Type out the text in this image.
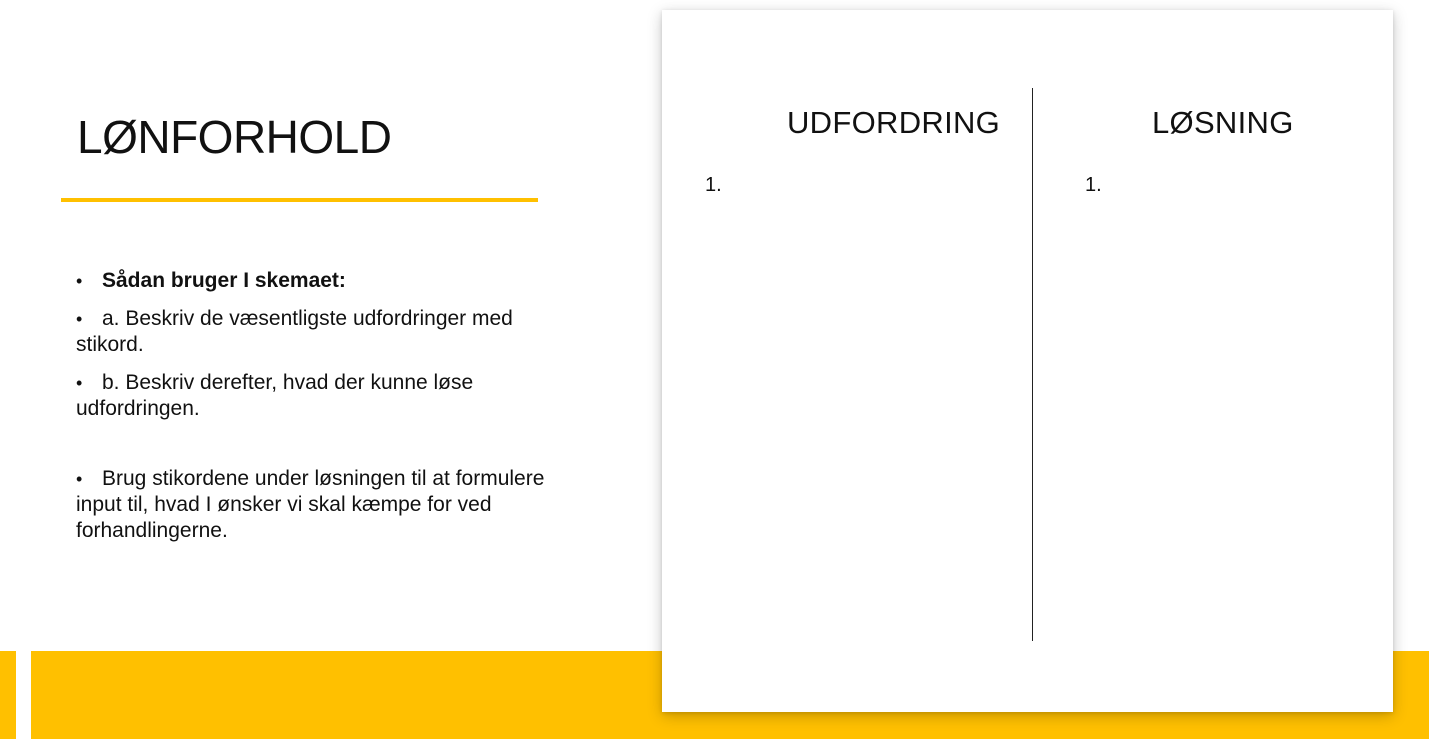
LØNFORHOLD
• Sådan bruger I skemaet:
• a. Beskriv de væsentligste udfordringer med stikord.
• b. Beskriv derefter, hvad der kunne løse udfordringen.
• Brug stikordene under løsningen til at formulere input til, hvad I ønsker vi skal kæmpe for ved forhandlingerne.
UDFORDRING	LØSNING
1.	1.
